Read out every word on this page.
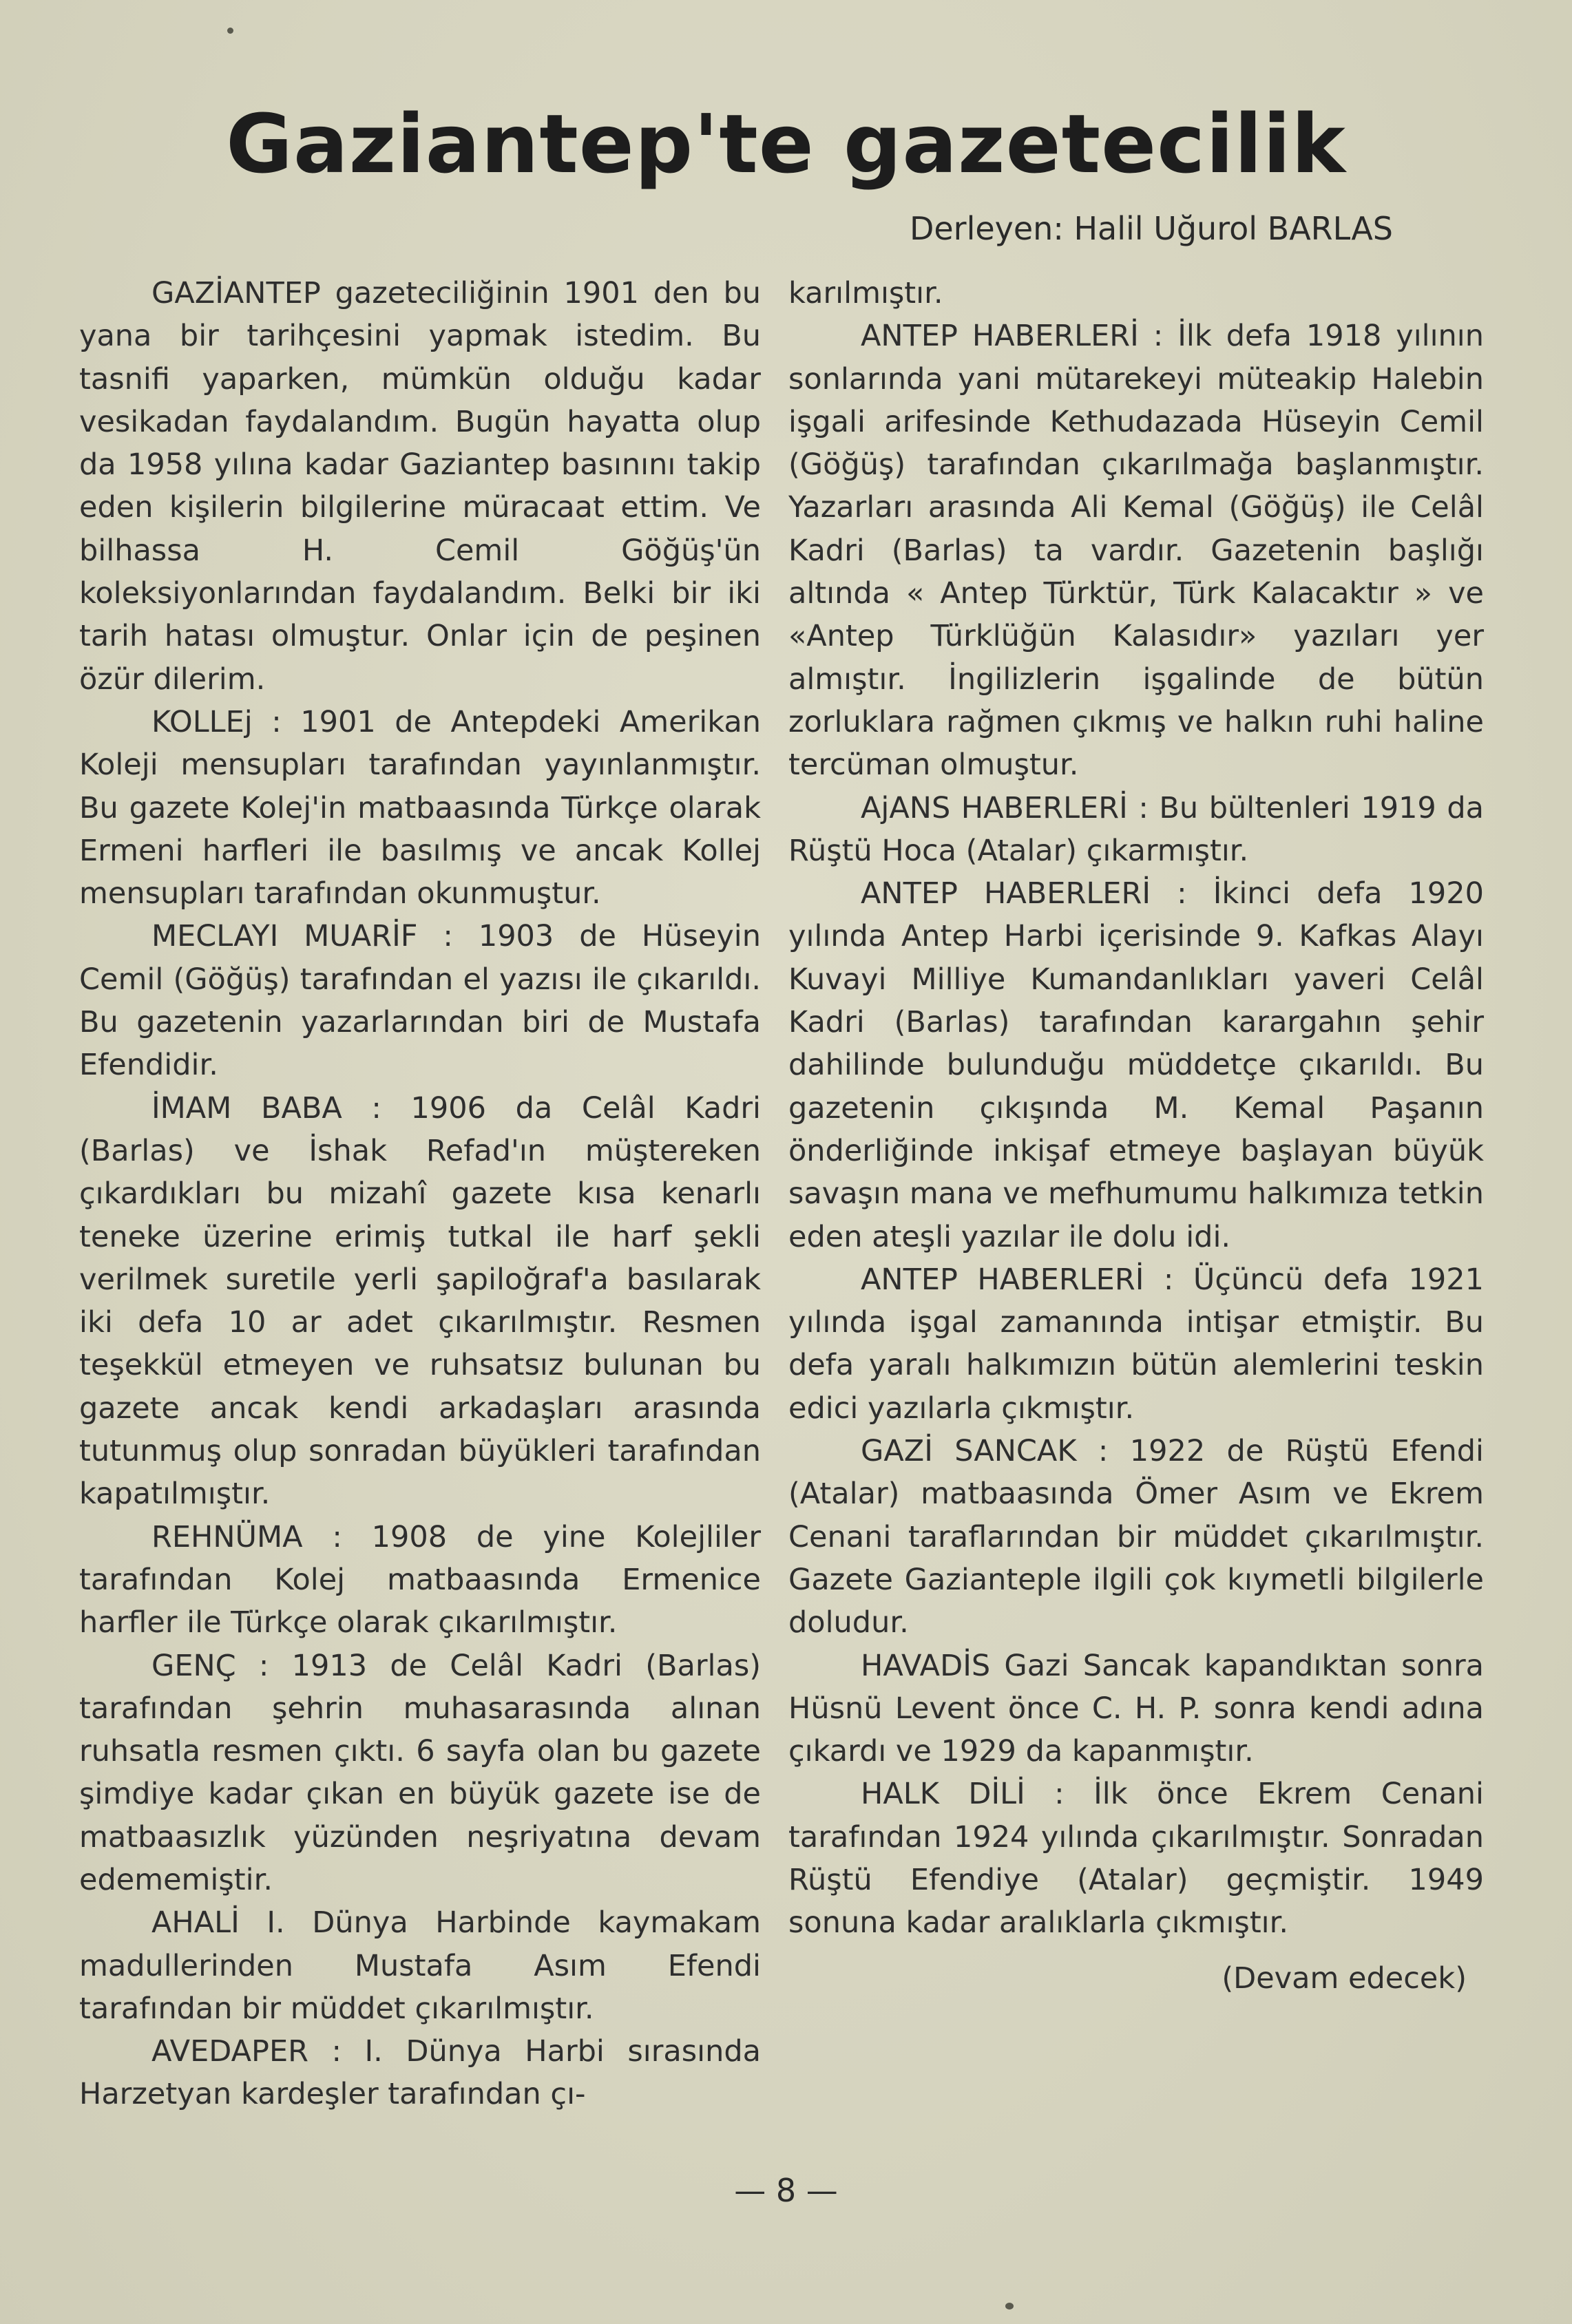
Gaziantep'te gazetecilik
Derleyen: Halil Uğurol BARLAS

GAZİANTEP gazeteciliğinin 1901 den bu yana bir tarihçesini yapmak istedim. Bu tasnifi yaparken, mümkün olduğu kadar vesikadan faydalandım. Bugün hayatta olup da 1958 yılına kadar Gaziantep basınını takip eden kişilerin bilgilerine müracaat ettim. Ve bilhassa H. Cemil Göğüş'ün koleksiyonlarından faydalandım. Belki bir iki tarih hatası olmuştur. Onlar için de peşinen özür dilerim.

KOLLEj : 1901 de Antepdeki Amerikan Koleji mensupları tarafından yayınlanmıştır. Bu gazete Kolej'in matbaasında Türkçe olarak Ermeni harfleri ile basılmış ve ancak Kollej mensupları tarafından okunmuştur.

MECLAYI MUARİF : 1903 de Hüseyin Cemil (Göğüş) tarafından el yazısı ile çıkarıldı. Bu gazetenin yazarlarından biri de Mustafa Efendidir.

İMAM BABA : 1906 da Celâl Kadri (Barlas) ve İshak Refad'ın müştereken çıkardıkları bu mizahî gazete kısa kenarlı teneke üzerine erimiş tutkal ile harf şekli verilmek suretile yerli şapiloğraf'a basılarak iki defa 10 ar adet çıkarılmıştır. Resmen teşekkül etmeyen ve ruhsatsız bulunan bu gazete ancak kendi arkadaşları arasında tutunmuş olup sonradan büyükleri tarafından kapatılmıştır.

REHNÜMA : 1908 de yine Kolejliler tarafından Kolej matbaasında Ermenice harfler ile Türkçe olarak çıkarılmıştır.

GENÇ : 1913 de Celâl Kadri (Barlas) tarafından şehrin muhasarasında alınan ruhsatla resmen çıktı. 6 sayfa olan bu gazete şimdiye kadar çıkan en büyük gazete ise de matbaasızlık yüzünden neşriyatına devam edememiştir.

AHALİ I. Dünya Harbinde kaymakam madullerinden Mustafa Asım Efendi tarafından bir müddet çıkarılmıştır.

AVEDAPER : I. Dünya Harbi sırasında Harzetyan kardeşler tarafından çı-

karılmıştır.

ANTEP HABERLERİ : İlk defa 1918 yılının sonlarında yani mütarekeyi müteakip Halebin işgali arifesinde Kethudazada Hüseyin Cemil (Göğüş) tarafından çıkarılmağa başlanmıştır. Yazarları arasında Ali Kemal (Göğüş) ile Celâl Kadri (Barlas) ta vardır. Gazetenin başlığı altında « Antep Türktür, Türk Kalacaktır » ve «Antep Türklüğün Kalasıdır» yazıları yer almıştır. İngilizlerin işgalinde de bütün zorluklara rağmen çıkmış ve halkın ruhi haline tercüman olmuştur.

AjANS HABERLERİ : Bu bültenleri 1919 da Rüştü Hoca (Atalar) çıkarmıştır.

ANTEP HABERLERİ : İkinci defa 1920 yılında Antep Harbi içerisinde 9. Kafkas Alayı Kuvayi Milliye Kumandanlıkları yaveri Celâl Kadri (Barlas) tarafından karargahın şehir dahilinde bulunduğu müddetçe çıkarıldı. Bu gazetenin çıkışında M. Kemal Paşanın önderliğinde inkişaf etmeye başlayan büyük savaşın mana ve mefhumumu halkımıza tetkin eden ateşli yazılar ile dolu idi.

ANTEP HABERLERİ : Üçüncü defa 1921 yılında işgal zamanında intişar etmiştir. Bu defa yaralı halkımızın bütün alemlerini teskin edici yazılarla çıkmıştır.

GAZİ SANCAK : 1922 de Rüştü Efendi (Atalar) matbaasında Ömer Asım ve Ekrem Cenani taraflarından bir müddet çıkarılmıştır. Gazete Gazianteple ilgili çok kıymetli bilgilerle doludur.

HAVADİS Gazi Sancak kapandıktan sonra Hüsnü Levent önce C. H. P. sonra kendi adına çıkardı ve 1929 da kapanmıştır.

HALK DİLİ : İlk önce Ekrem Cenani tarafından 1924 yılında çıkarılmıştır. Sonradan Rüştü Efendiye (Atalar) geçmiştir. 1949 sonuna kadar aralıklarla çıkmıştır.

(Devam edecek)

— 8 —
